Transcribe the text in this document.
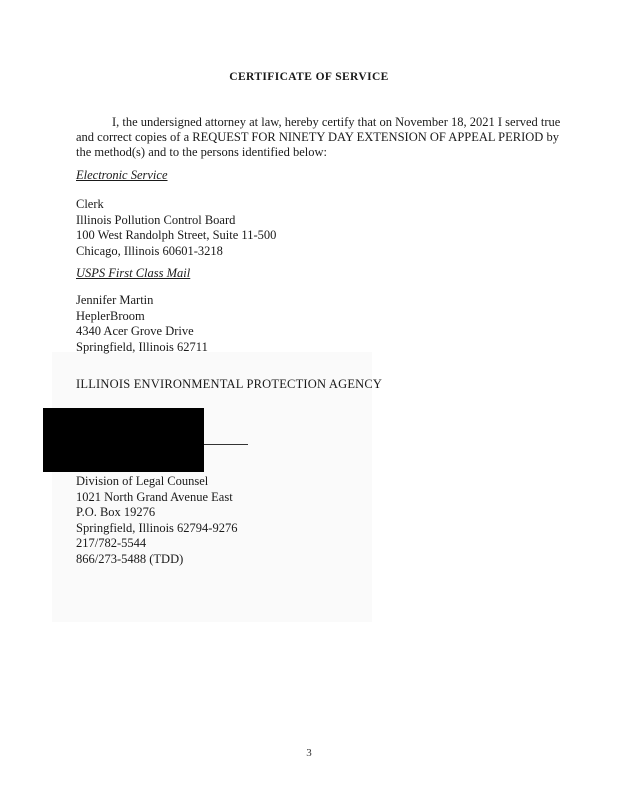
CERTIFICATE OF SERVICE
I, the undersigned attorney at law, hereby certify that on November 18, 2021 I served true
and correct copies of a REQUEST FOR NINETY DAY EXTENSION OF APPEAL PERIOD by
the method(s) and to the persons identified below:
Electronic Service
Clerk
Illinois Pollution Control Board
100 West Randolph Street, Suite 11-500
Chicago, Illinois 60601-3218
USPS First Class Mail
Jennifer Martin
HeplerBroom
4340 Acer Grove Drive
Springfield, Illinois 62711
ILLINOIS ENVIRONMENTAL PROTECTION AGENCY
Division of Legal Counsel
1021 North Grand Avenue East
P.O. Box 19276
Springfield, Illinois 62794-9276
217/782-5544
866/273-5488 (TDD)
3
